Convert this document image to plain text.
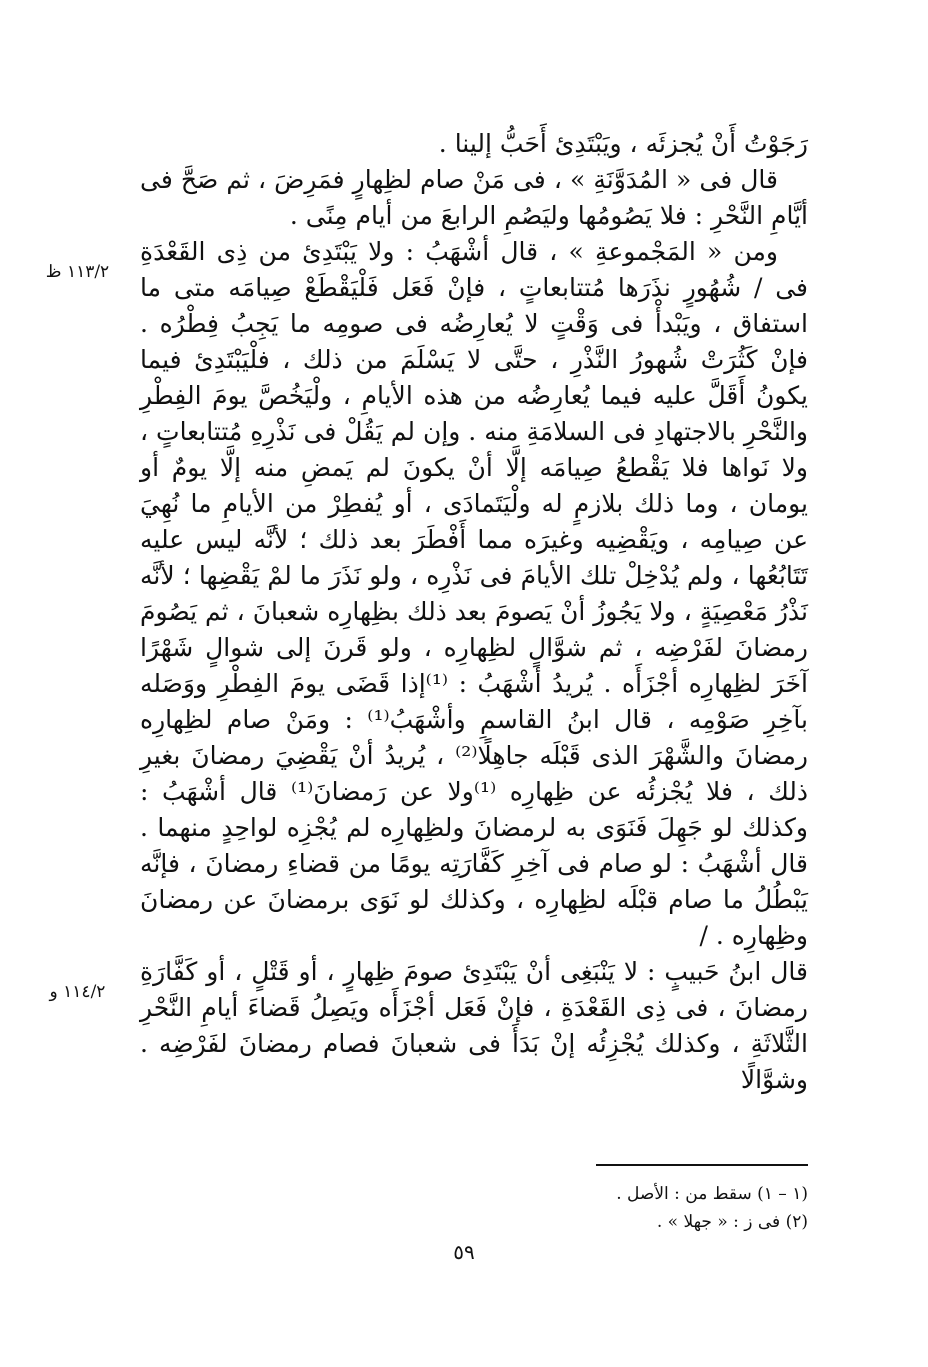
رَجَوْتُ أَنْ يُجزئَه ، ويَبْتَدِئ أَحَبُّ إلينا .

قال فى « المُدَوَّنَةِ » ، فى مَنْ صام لظِهارٍ فمَرِضَ ، ثم صَحَّ فى أيَّامِ النَّحْرِ : فلا يَصُومُها وليَصُمِ الرابعَ من أيام مِنًى .

ومن « المَجْموعةِ » ، قال أشْهَبُ : ولا يَبْتَدِئ من ذِى القَعْدَةِ فى / شُهُورٍ نذَرَها مُتتابعاتٍ ، فإنْ فَعَل فَلْيَقْطَعْ صِيامَه متى ما استفاق ، ويَبْدأْ فى وَقْتٍ لا يُعارِضُه فى صومِه ما يَجِبُ فِطْرُه . فإنْ كَثُرَتْ شُهورُ النَّذْرِ ، حتَّى لا يَسْلَمَ من ذلك ، فلْيَبْتَدِئ فيما يكونُ أَقَلَّ عليه فيما يُعارِضُه من هذه الأيامِ ، ولْيَخُصَّ يومَ الفِطْرِ والنَّحْرِ بالاجتهادِ فى السلامَةِ منه . وإن لم يَقُلْ فى نَذْرِهِ مُتتابعاتٍ ، ولا نَواها فلا يَقْطعُ صِيامَه إلَّا أنْ يكونَ لم يَمضِ منه إلَّا يومٌ أو يومان ، وما ذلك بلازمٍ له ولْيَتَمادَى ، أو يُفطِرْ من الأيامِ ما نُهِيَ عن صِيامِه ، ويَقْضِيه وغيرَه مما أَفْطَرَ بعد ذلك ؛ لأنَّه ليس عليه تَتَابُعُها ، ولم يُدْخِلْ تلك الأيامَ فى نَذْرِه ، ولو نَذَرَ ما لمْ يَقْضِها ؛ لأنَّه نَذْرُ مَعْصِيَةٍ ، ولا يَجُوزُ أنْ يَصومَ بعد ذلك بظِهارِه شعبانَ ، ثم يَصُومَ رمضانَ لفَرْضِه ، ثم شوَّالٍ لظِهارِه ، ولو قَرنَ إلى شوالٍ شَهْرًا آخَرَ لظِهارِه أجْزَأَه . يُريدُ أشْهَبُ : ⁽¹⁾إذا قَضَى يومَ الفِطْرِ ووَصَله بآخِرِ صَوْمِه ، قال ابنُ القاسمِ وأشْهَبُ⁽¹⁾ : ومَنْ صام لظِهارِه رمضانَ والشَّهْرَ الذى قَبْلَه جاهِلًا⁽²⁾ ، يُريدُ أنْ يَقْضِيَ رمضانَ بغيرِ ذلك ، فلا يُجْزئُه عن ظِهارِه ⁽¹⁾ولا عن رَمضانَ⁽¹⁾ قال أشْهَبُ : وكذلك لو جَهِلَ فَنَوَى به لرمضانَ ولظِهارِه لم يُجْزِه لواحِدٍ منهما . قال أشْهَبُ : لو صام فى آخِرِ كَفَّارَتِه يومًا من قضاءِ رمضانَ ، فإنَّه يَبْطُلُ ما صام قبْلَه لظِهارِه ، وكذلك لو نَوَى برمضانَ عن رمضانَ وظِهارِه . /

قال ابنُ حَبيبٍ : لا يَنْبَغِى أنْ يَبْتَدِئ صومَ ظِهارٍ ، أو قَتْلٍ ، أو كَفَّارَةِ رمضانَ ، فى ذِى القَعْدَةِ ، فإنْ فَعَل أجْزَأَه ويَصِلُ قَضاءَ أيامِ النَّحْرِ الثَّلاثَةِ ، وكذلك يُجْزِئُه إنْ بَدَأَ فى شعبانَ فصام رمضانَ لفَرْضِه . وشوَّالًا

١١٣/٢ ظ
١١٤/٢ و

(١ – ١) سقط من : الأصل .

(٢) فى ز : « جهلا » .

٥٩
